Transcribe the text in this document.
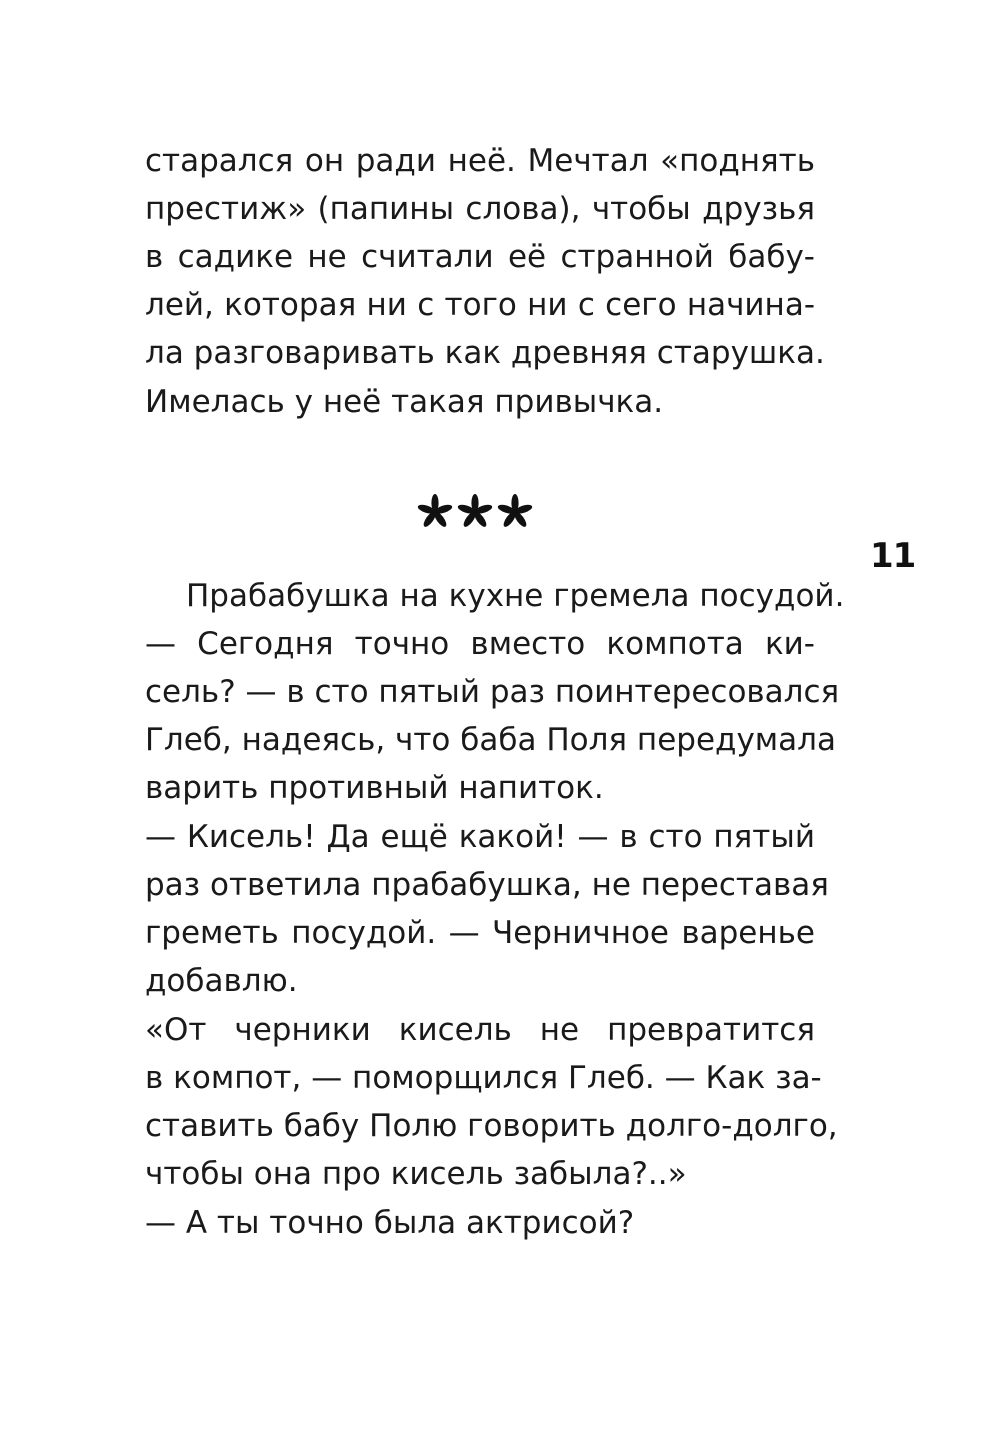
старался он ради неё. Мечтал «поднять
престиж» (папины слова), чтобы друзья
в садике не считали её странной бабу-
лей, которая ни с того ни с сего начина-
ла разговаривать как древняя старушка.
Имелась у неё такая привычка.
11
Прабабушка на кухне гремела посудой.
— Сегодня точно вместо компота ки-
сель? — в сто пятый раз поинтересовался
Глеб, надеясь, что баба Поля передумала
варить противный напиток.
— Кисель! Да ещё какой! — в сто пятый
раз ответила прабабушка, не переставая
греметь посудой. — Черничное варенье
добавлю.
«От черники кисель не превратится
в компот, — поморщился Глеб. — Как за-
ставить бабу Полю говорить долго-долго,
чтобы она про кисель забыла?..»
— А ты точно была актрисой?
